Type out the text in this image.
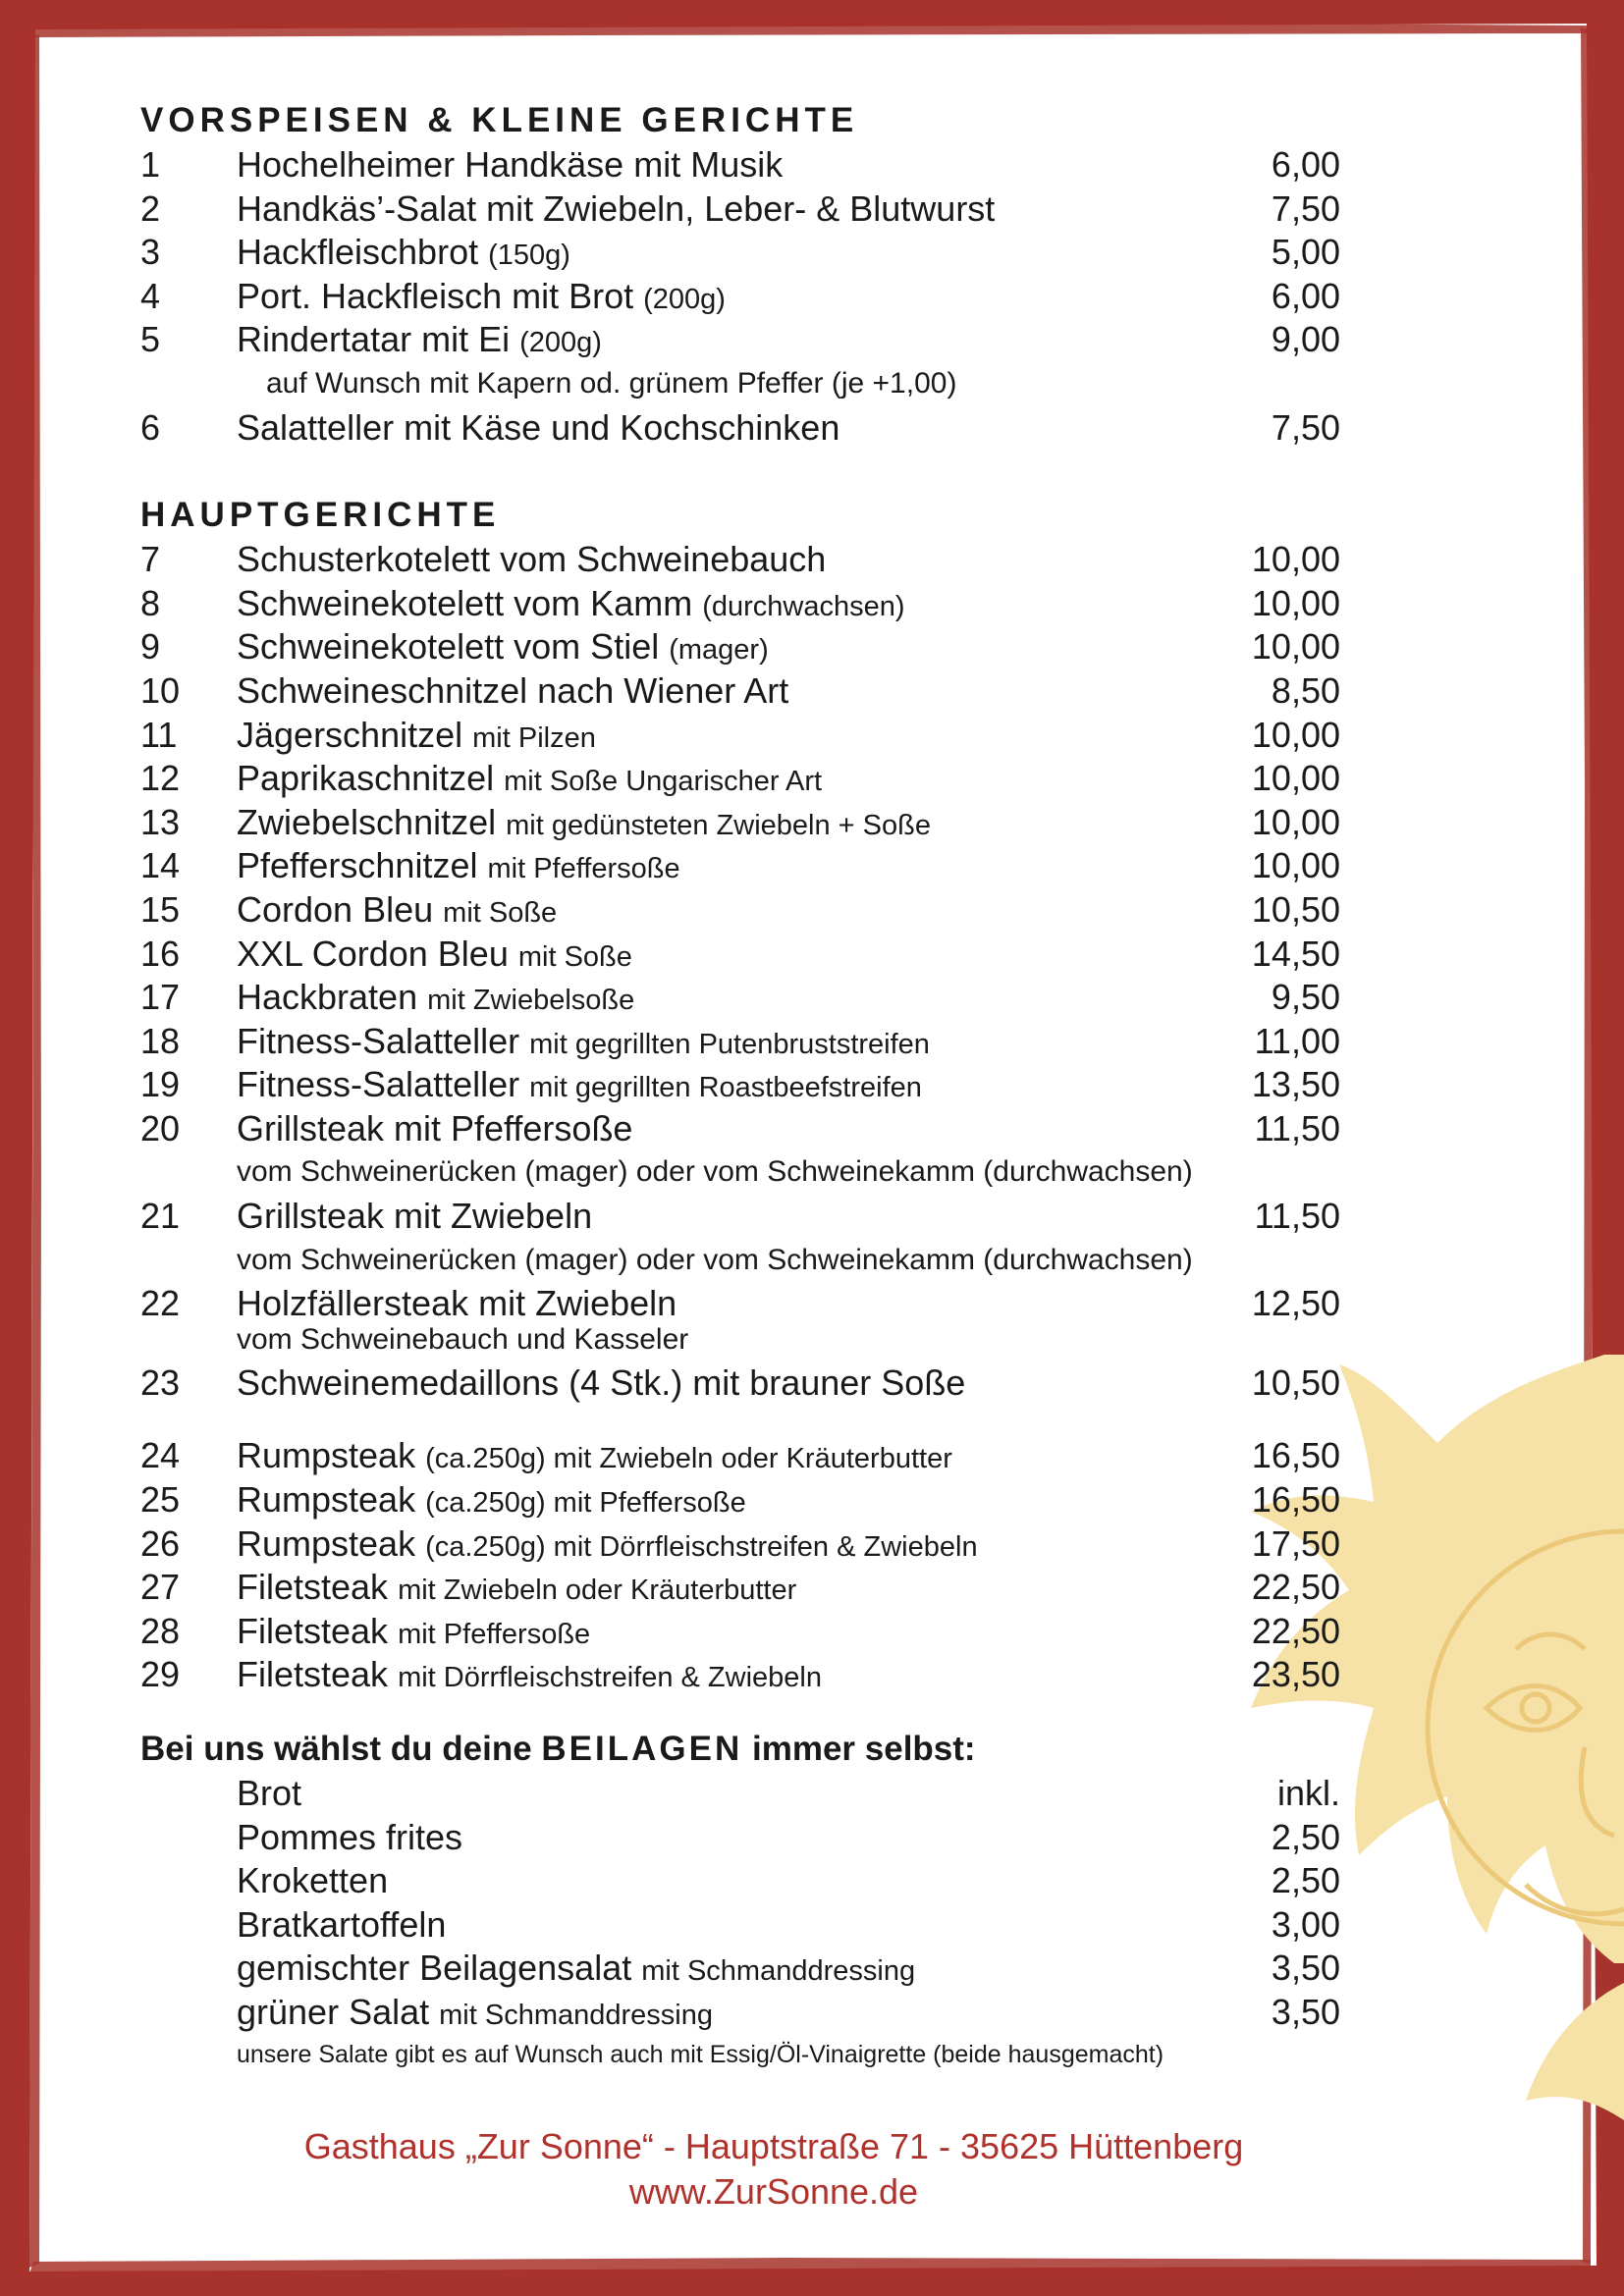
VORSPEISEN & KLEINE GERICHTE
1 Hochelheimer Handkäse mit Musik	6,00
2 Handkäs’-Salat mit Zwiebeln, Leber- & Blutwurst	7,50
3 Hackfleischbrot (150g)	5,00
4 Port. Hackfleisch mit Brot (200g)	6,00
5 Rindertatar mit Ei (200g)	9,00
auf Wunsch mit Kapern od. grünem Pfeffer (je +1,00)
6 Salatteller mit Käse und Kochschinken	7,50
HAUPTGERICHTE
7 Schusterkotelett vom Schweinebauch	10,00
8 Schweinekotelett vom Kamm (durchwachsen)	10,00
9 Schweinekotelett vom Stiel (mager)	10,00
10 Schweineschnitzel nach Wiener Art	8,50
11 Jägerschnitzel mit Pilzen	10,00
12 Paprikaschnitzel mit Soße Ungarischer Art	10,00
13 Zwiebelschnitzel mit gedünsteten Zwiebeln + Soße	10,00
14 Pfefferschnitzel mit Pfeffersoße	10,00
15 Cordon Bleu mit Soße	10,50
16 XXL Cordon Bleu mit Soße	14,50
17 Hackbraten mit Zwiebelsoße	9,50
18 Fitness-Salatteller mit gegrillten Putenbruststreifen	11,00
19 Fitness-Salatteller mit gegrillten Roastbeefstreifen	13,50
20 Grillsteak mit Pfeffersoße	11,50
vom Schweinerücken (mager) oder vom Schweinekamm (durchwachsen)
21 Grillsteak mit Zwiebeln	11,50
vom Schweinerücken (mager) oder vom Schweinekamm (durchwachsen)
22 Holzfällersteak mit Zwiebeln	12,50
vom Schweinebauch und Kasseler
23 Schweinemedaillons (4 Stk.) mit brauner Soße	10,50
24 Rumpsteak (ca.250g) mit Zwiebeln oder Kräuterbutter	16,50
25 Rumpsteak (ca.250g) mit Pfeffersoße	16,50
26 Rumpsteak (ca.250g) mit Dörrfleischstreifen & Zwiebeln	17,50
27 Filetsteak mit Zwiebeln oder Kräuterbutter	22,50
28 Filetsteak mit Pfeffersoße	22,50
29 Filetsteak mit Dörrfleischstreifen & Zwiebeln	23,50
Bei uns wählst du deine BEILAGEN immer selbst:
Brot	inkl.
Pommes frites	2,50
Kroketten	2,50
Bratkartoffeln	3,00
gemischter Beilagensalat mit Schmanddressing	3,50
grüner Salat mit Schmanddressing	3,50
unsere Salate gibt es auf Wunsch auch mit Essig/Öl-Vinaigrette (beide hausgemacht)
Gasthaus „Zur Sonne“ - Hauptstraße 71 - 35625 Hüttenberg
www.ZurSonne.de
